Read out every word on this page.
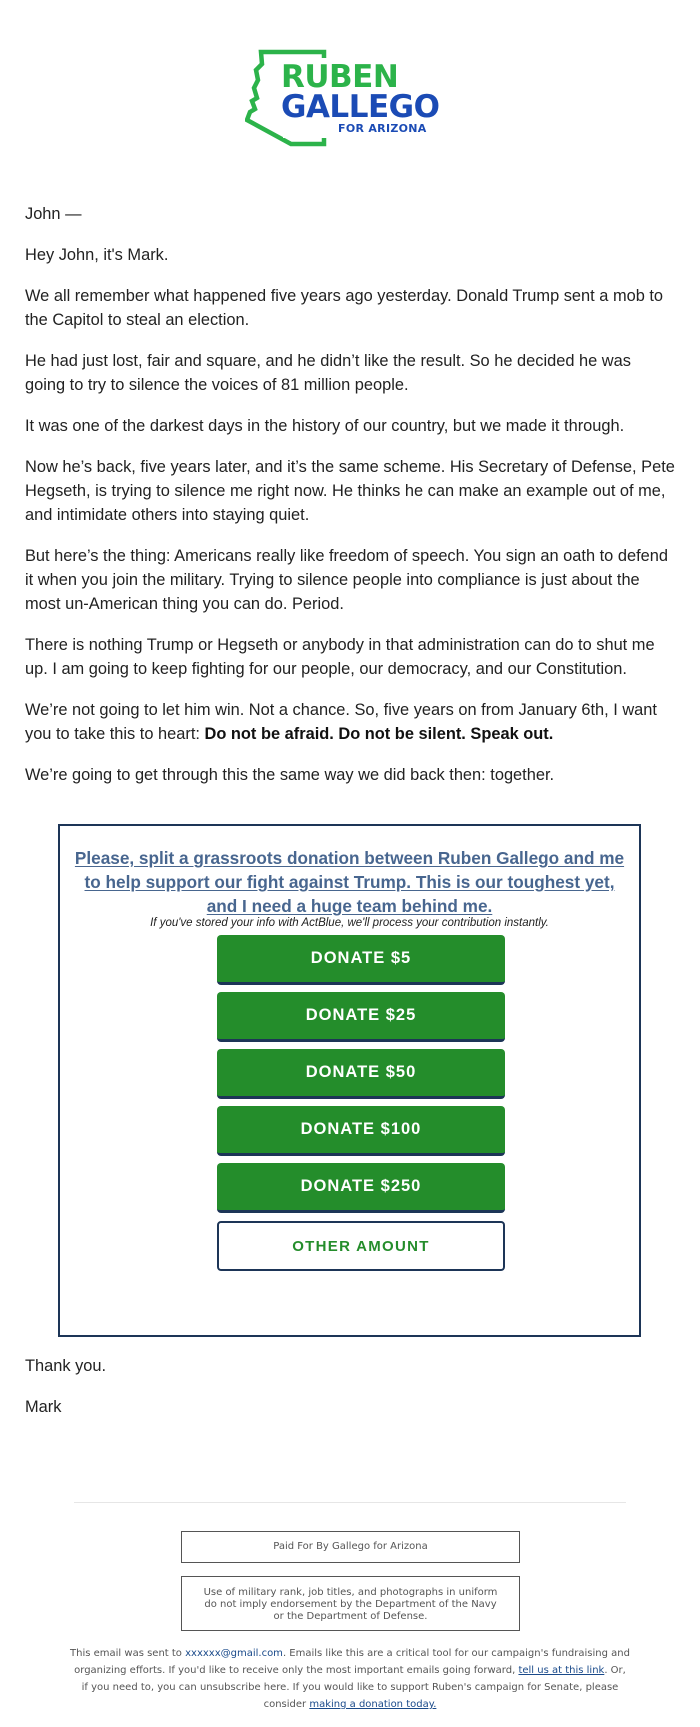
RUBEN
GALLEGO
FOR ARIZONA

John —

Hey John, it's Mark.

We all remember what happened five years ago yesterday. Donald Trump sent a mob to the Capitol to steal an election.

He had just lost, fair and square, and he didn’t like the result. So he decided he was going to try to silence the voices of 81 million people.

It was one of the darkest days in the history of our country, but we made it through.

Now he’s back, five years later, and it’s the same scheme. His Secretary of Defense, Pete Hegseth, is trying to silence me right now. He thinks he can make an example out of me, and intimidate others into staying quiet.

But here’s the thing: Americans really like freedom of speech. You sign an oath to defend it when you join the military. Trying to silence people into compliance is just about the most un-American thing you can do. Period.

There is nothing Trump or Hegseth or anybody in that administration can do to shut me up. I am going to keep fighting for our people, our democracy, and our Constitution.

We’re not going to let him win. Not a chance. So, five years on from January 6th, I want you to take this to heart: Do not be afraid. Do not be silent. Speak out.

We’re going to get through this the same way we did back then: together.

Please, split a grassroots donation between Ruben Gallego and me to help support our fight against Trump. This is our toughest yet, and I need a huge team behind me.
If you've stored your info with ActBlue, we'll process your contribution instantly.
DONATE $5
DONATE $25
DONATE $50
DONATE $100
DONATE $250
OTHER AMOUNT

Thank you.

Mark

Paid For By Gallego for Arizona
Use of military rank, job titles, and photographs in uniform do not imply endorsement by the Department of the Navy or the Department of Defense.
This email was sent to xxxxxx@gmail.com. Emails like this are a critical tool for our campaign's fundraising and organizing efforts. If you'd like to receive only the most important emails going forward, tell us at this link. Or, if you need to, you can unsubscribe here. If you would like to support Ruben's campaign for Senate, please consider making a donation today.
